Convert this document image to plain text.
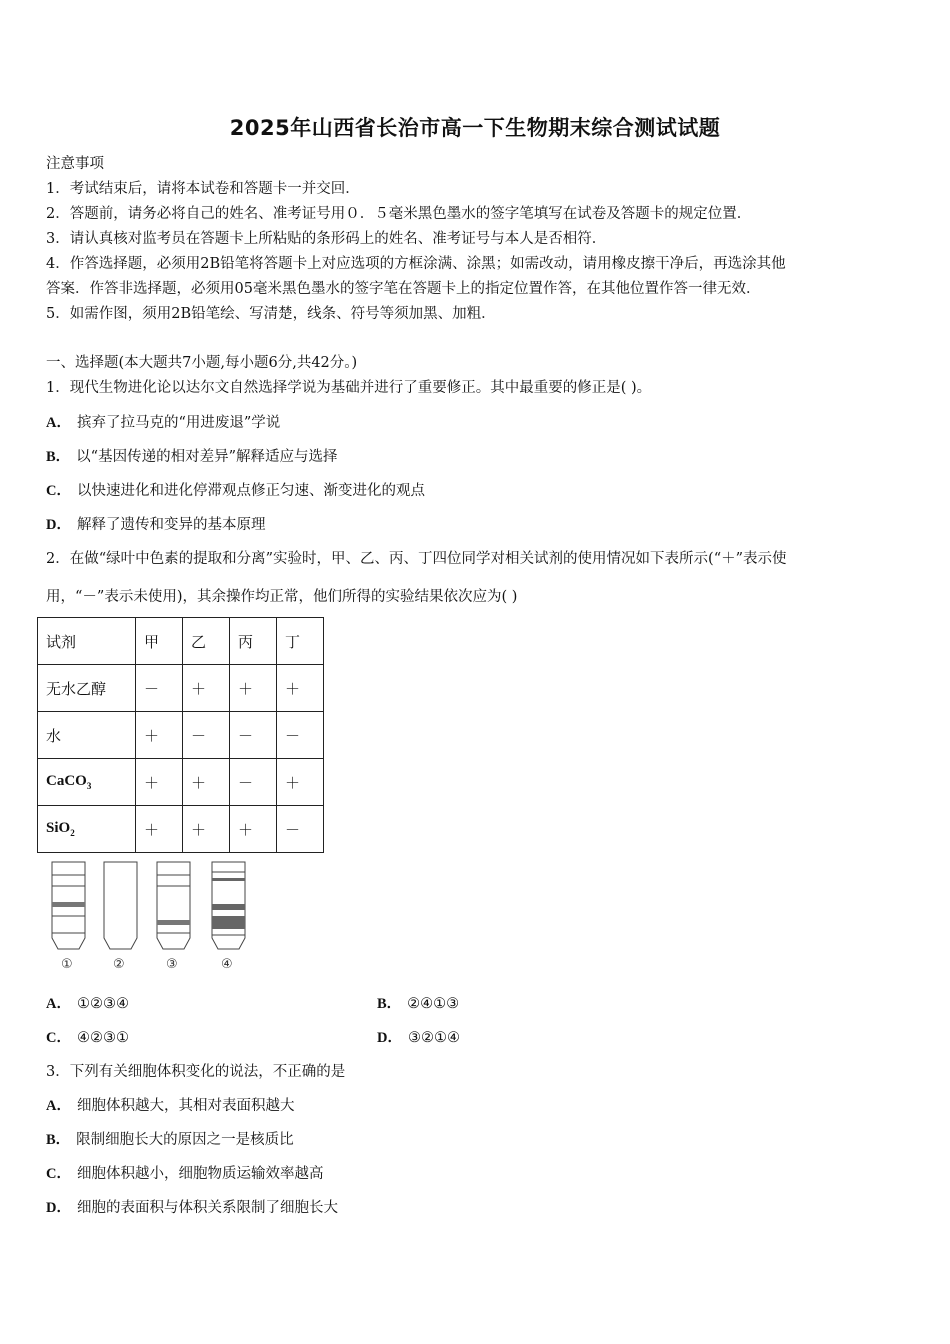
2025年山西省长治市高一下生物期末综合测试试题
注意事项
1．考试结束后，请将本试卷和答题卡一并交回．
2．答题前，请务必将自己的姓名、准考证号用０．５毫米黑色墨水的签字笔填写在试卷及答题卡的规定位置．
3．请认真核对监考员在答题卡上所粘贴的条形码上的姓名、准考证号与本人是否相符．
4．作答选择题，必须用2B铅笔将答题卡上对应选项的方框涂满、涂黑；如需改动，请用橡皮擦干净后，再选涂其他
答案．作答非选择题，必须用05毫米黑色墨水的签字笔在答题卡上的指定位置作答，在其他位置作答一律无效．
5．如需作图，须用2B铅笔绘、写清楚，线条、符号等须加黑、加粗．
一、选择题(本大题共7小题,每小题6分,共42分。)
1．现代生物进化论以达尔文自然选择学说为基础并进行了重要修正。其中最重要的修正是( )。
A． 摈弃了拉马克的“用进废退”学说
B． 以“基因传递的相对差异”解释适应与选择
C． 以快速进化和进化停滞观点修正匀速、渐变进化的观点
D． 解释了遗传和变异的基本原理
2．在做“绿叶中色素的提取和分离”实验时，甲、乙、丙、丁四位同学对相关试剂的使用情况如下表所示(“＋”表示使
用，“－”表示未使用)，其余操作均正常，他们所得的实验结果依次应为( )
试剂	甲	乙	丙	丁
无水乙醇	－	＋	＋	＋
水	＋	－	－	－
CaCO$_3$	＋	＋	－	＋
SiO$_2$	＋	＋	＋	－
①	②	③	④
A． ①②③④	B． ②④①③
C． ④②③①	D． ③②①④
3．下列有关细胞体积变化的说法，不正确的是
A． 细胞体积越大，其相对表面积越大
B． 限制细胞长大的原因之一是核质比
C． 细胞体积越小，细胞物质运输效率越高
D． 细胞的表面积与体积关系限制了细胞长大
